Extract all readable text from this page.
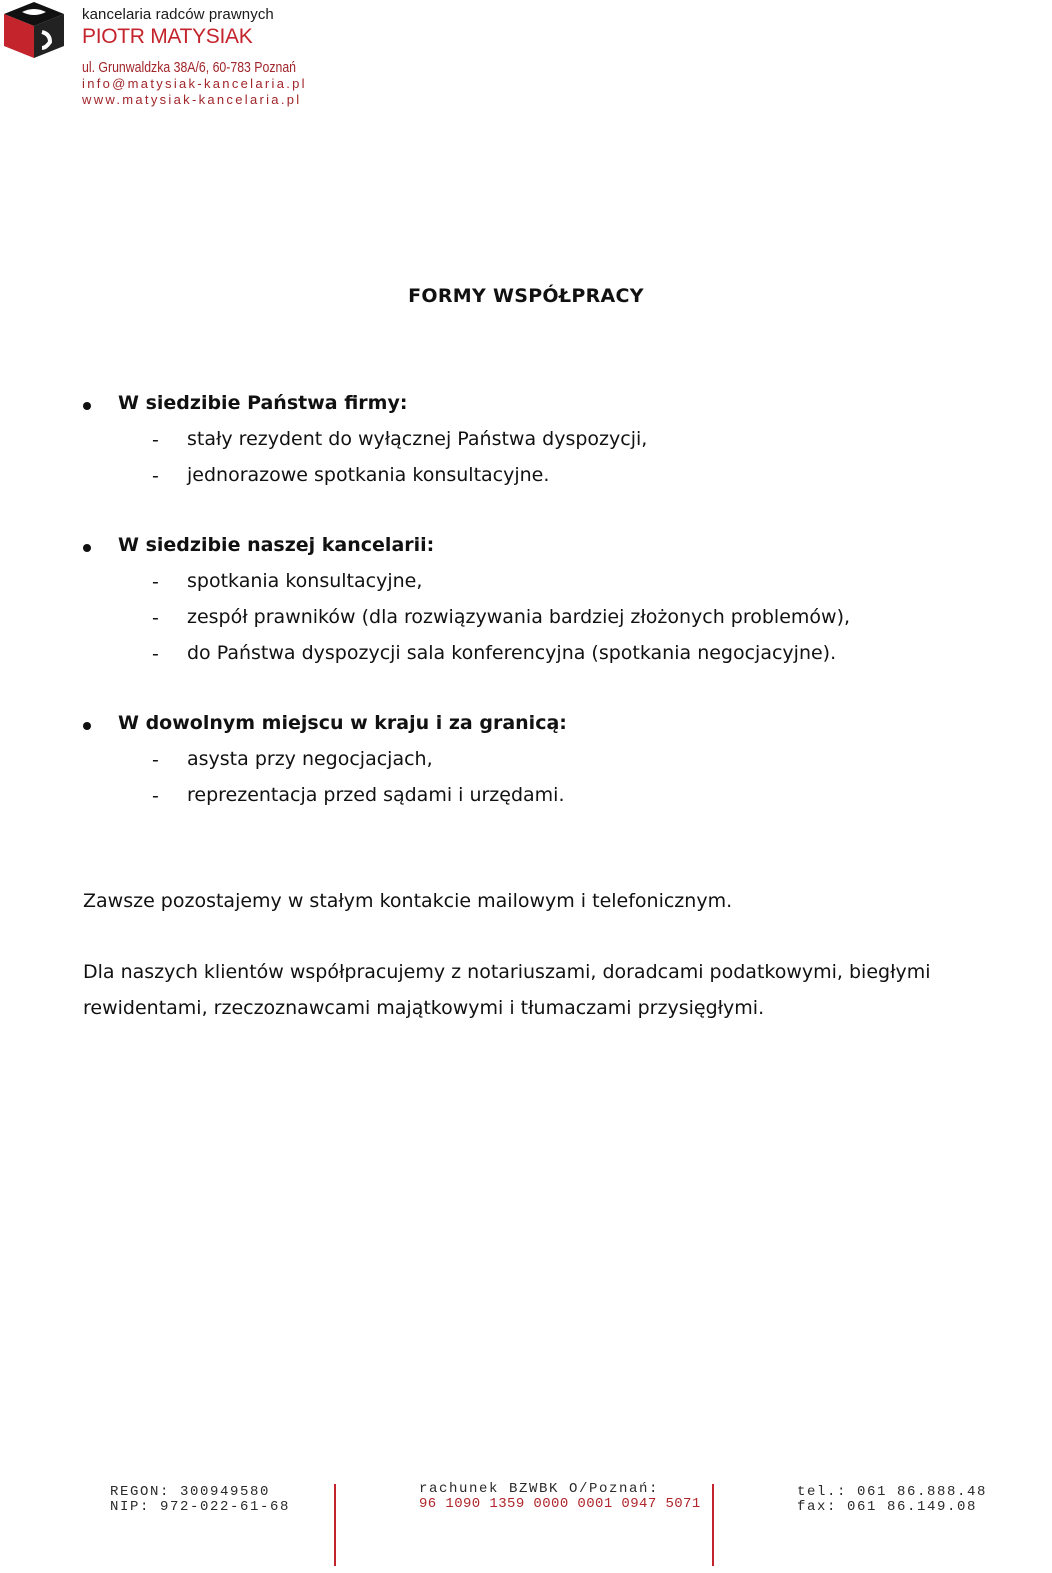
kancelaria radców prawnych
PIOTR MATYSIAK
ul. Grunwaldzka 38A/6, 60-783 Poznań
info@matysiak-kancelaria.pl
www.matysiak-kancelaria.pl
FORMY WSPÓŁPRACY
W siedzibie Państwa firmy:
- stały rezydent do wyłącznej Państwa dyspozycji,
- jednorazowe spotkania konsultacyjne.
W siedzibie naszej kancelarii:
- spotkania konsultacyjne,
- zespół prawników (dla rozwiązywania bardziej złożonych problemów),
- do Państwa dyspozycji sala konferencyjna (spotkania negocjacyjne).
W dowolnym miejscu w kraju i za granicą:
- asysta przy negocjacjach,
- reprezentacja przed sądami i urzędami.
Zawsze pozostajemy w stałym kontakcie mailowym i telefonicznym.
Dla naszych klientów współpracujemy z notariuszami, doradcami podatkowymi, biegłymi
rewidentami, rzeczoznawcami majątkowymi i tłumaczami przysięgłymi.
REGON: 300949580
NIP: 972-022-61-68
rachunek BZWBK O/Poznań:
96 1090 1359 0000 0001 0947 5071
tel.: 061 86.888.48
fax: 061 86.149.08
